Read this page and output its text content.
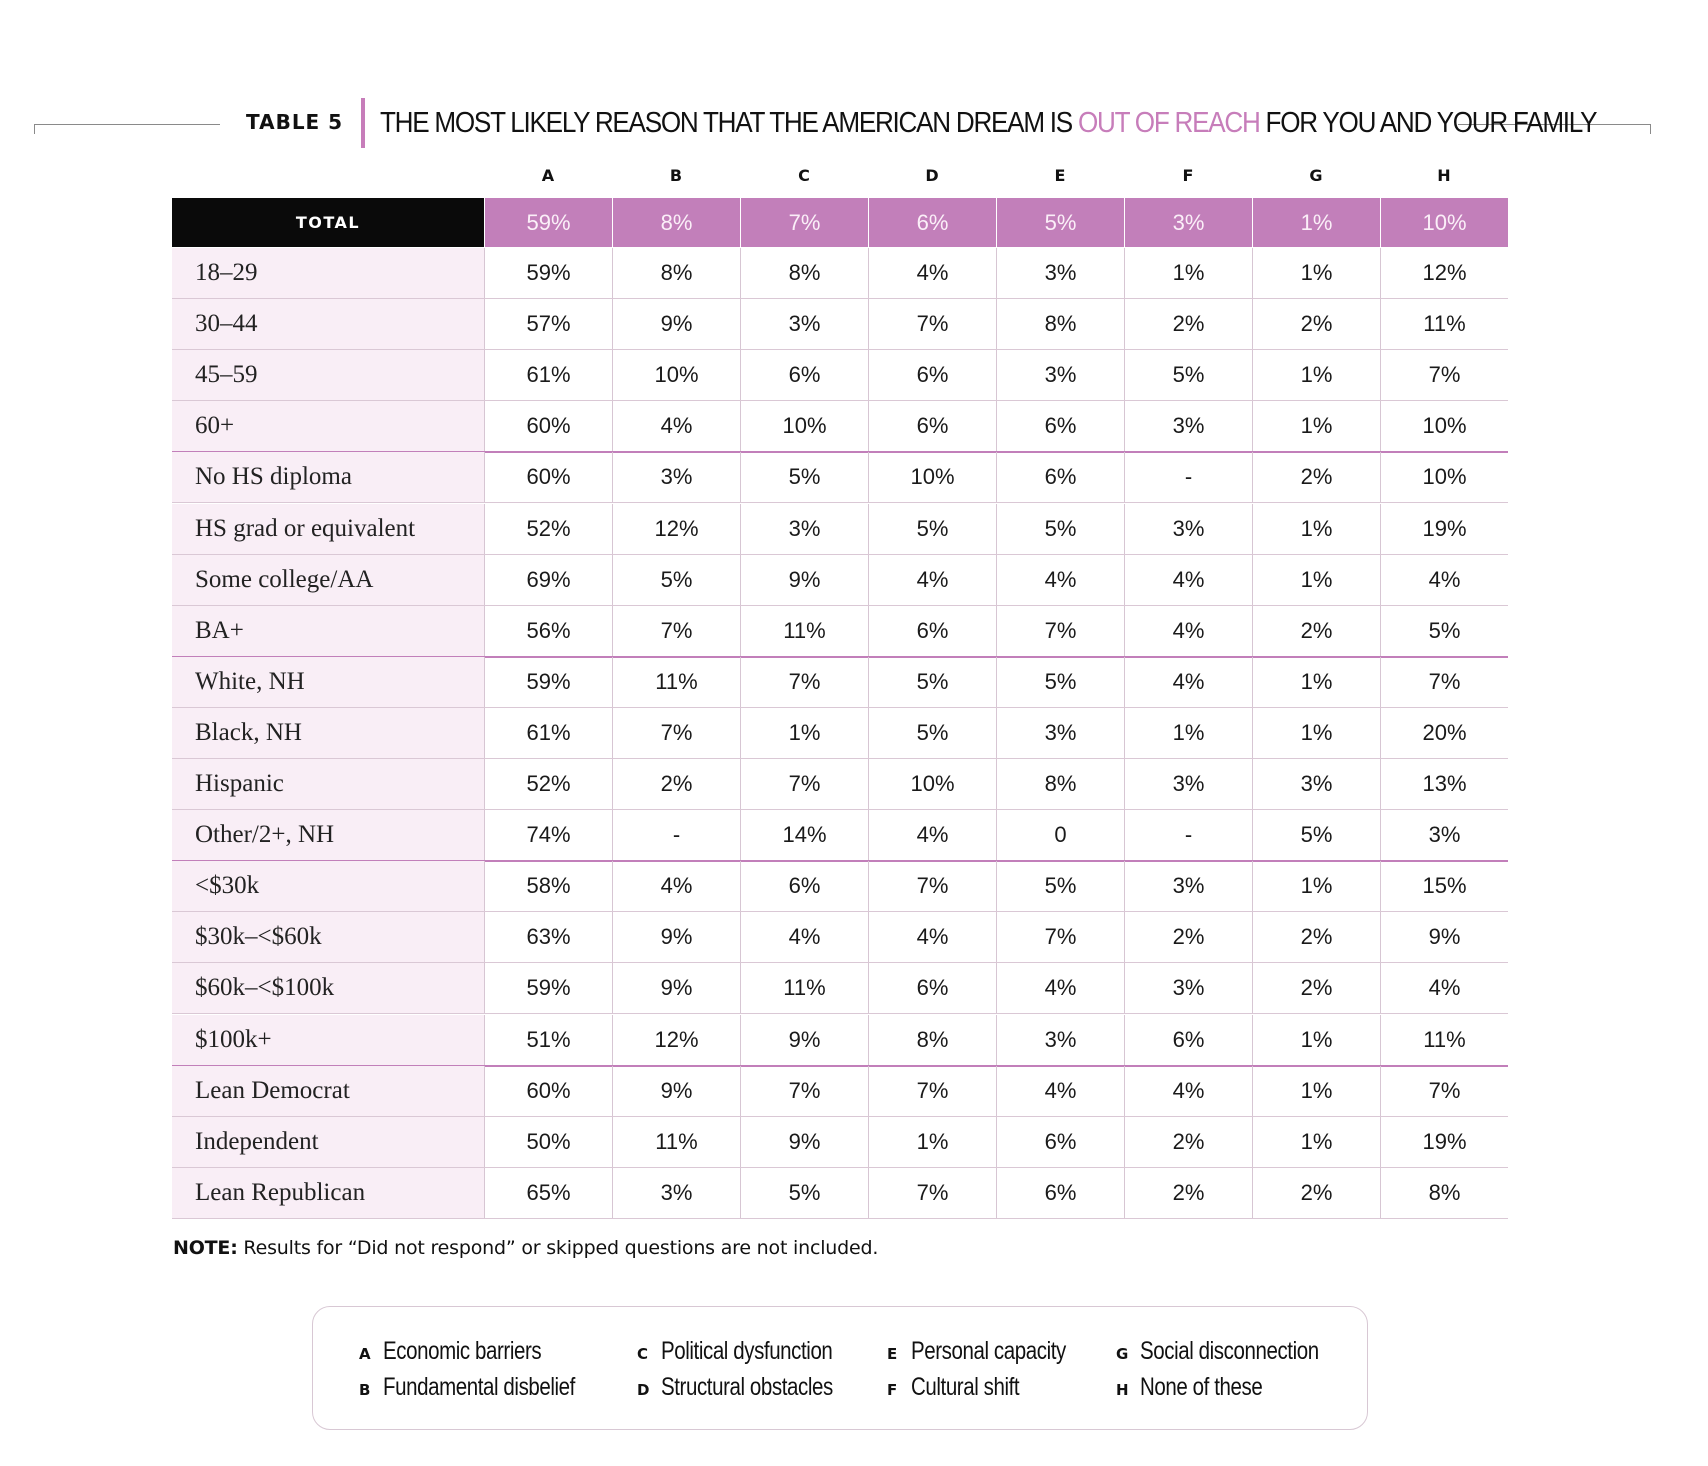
TABLE 5 THE MOST LIKELY REASON THAT THE AMERICAN DREAM IS OUT OF REACH FOR YOU AND YOUR FAMILY
A	B	C	D	E	F	G	H
TOTAL	59%	8%	7%	6%	5%	3%	1%	10%
18–29	59%	8%	8%	4%	3%	1%	1%	12%
30–44	57%	9%	3%	7%	8%	2%	2%	11%
45–59	61%	10%	6%	6%	3%	5%	1%	7%
60+	60%	4%	10%	6%	6%	3%	1%	10%
No HS diploma	60%	3%	5%	10%	6%	-	2%	10%
HS grad or equivalent	52%	12%	3%	5%	5%	3%	1%	19%
Some college/AA	69%	5%	9%	4%	4%	4%	1%	4%
BA+	56%	7%	11%	6%	7%	4%	2%	5%
White, NH	59%	11%	7%	5%	5%	4%	1%	7%
Black, NH	61%	7%	1%	5%	3%	1%	1%	20%
Hispanic	52%	2%	7%	10%	8%	3%	3%	13%
Other/2+, NH	74%	-	14%	4%	0	-	5%	3%
<$30k	58%	4%	6%	7%	5%	3%	1%	15%
$30k–<$60k	63%	9%	4%	4%	7%	2%	2%	9%
$60k–<$100k	59%	9%	11%	6%	4%	3%	2%	4%
$100k+	51%	12%	9%	8%	3%	6%	1%	11%
Lean Democrat	60%	9%	7%	7%	4%	4%	1%	7%
Independent	50%	11%	9%	1%	6%	2%	1%	19%
Lean Republican	65%	3%	5%	7%	6%	2%	2%	8%
NOTE: Results for “Did not respond” or skipped questions are not included.
A Economic barriers
B Fundamental disbelief
C Political dysfunction
D Structural obstacles
E Personal capacity
F Cultural shift
G Social disconnection
H None of these
